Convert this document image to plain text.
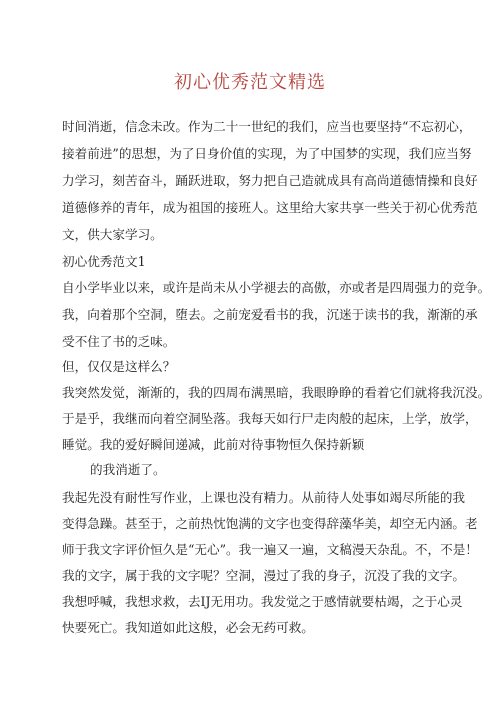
初心优秀范文精选
时间消逝，信念未改。作为二十一世纪的我们，应当也要坚持“不忘初心，
接着前进”的思想，为了日身价值的实现，为了中国梦的实现，我们应当努
力学习，刻苦奋斗，踊跃进取，努力把自己造就成具有高尚道德情操和良好
道德修养的青年，成为祖国的接班人。这里给大家共享一些关于初心优秀范
文，供大家学习。
初心优秀范文1
自小学毕业以来，或许是尚未从小学褪去的高傲，亦或者是四周强力的竞争。
我，向着那个空洞，堕去。之前宠爱看书的我，沉迷于读书的我，渐渐的承
受不住了书的乏味。
但，仅仅是这样么？
我突然发觉，渐渐的，我的四周布满黑暗，我眼睁睁的看着它们就将我沉没。
于是乎，我继而向着空洞坠落。我每天如行尸走肉般的起床，上学，放学，
睡觉。我的爱好瞬间递减，此前对待事物恒久保持新颖
的我消逝了。
我起先没有耐性写作业，上课也没有精力。从前待人处事如竭尽所能的我
变得急躁。甚至于，之前热忱饱满的文字也变得辞藻华美，却空无内涵。老
师于我文字评价恒久是“无心”。我一遍又一遍，文稿漫天杂乱。不，不是！
我的文字，属于我的文字呢？空洞，漫过了我的身子，沉没了我的文字。
我想呼喊，我想求救，去IJ无用功。我发觉之于感情就要枯竭，之于心灵
快要死亡。我知道如此这般，必会无药可救。
